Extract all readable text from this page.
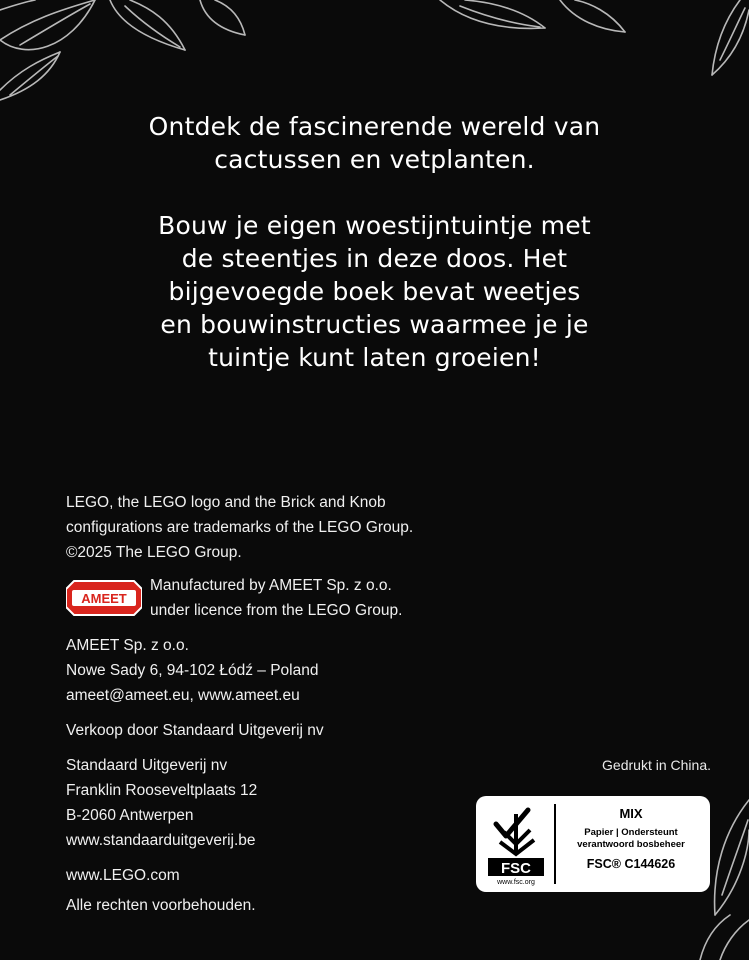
Ontdek de fascinerende wereld van
cactussen en vetplanten.

Bouw je eigen woestijntuintje met
de steentjes in deze doos. Het
bijgevoegde boek bevat weetjes
en bouwinstructies waarmee je je
tuintje kunt laten groeien!

LEGO, the LEGO logo and the Brick and Knob
configurations are trademarks of the LEGO Group.
©2025 The LEGO Group.

AMEET

Manufactured by AMEET Sp. z o.o.
under licence from the LEGO Group.

AMEET Sp. z o.o.
Nowe Sady 6, 94-102 Łódź – Poland
ameet@ameet.eu, www.ameet.eu

Verkoop door Standaard Uitgeverij nv

Standaard Uitgeverij nv
Franklin Rooseveltplaats 12
B-2060 Antwerpen
www.standaarduitgeverij.be

www.LEGO.com

Alle rechten voorbehouden.

Gedrukt in China.
FSC
www.fsc.org
MIX
Papier | Ondersteunt
verantwoord bosbeheer
FSC® C144626
